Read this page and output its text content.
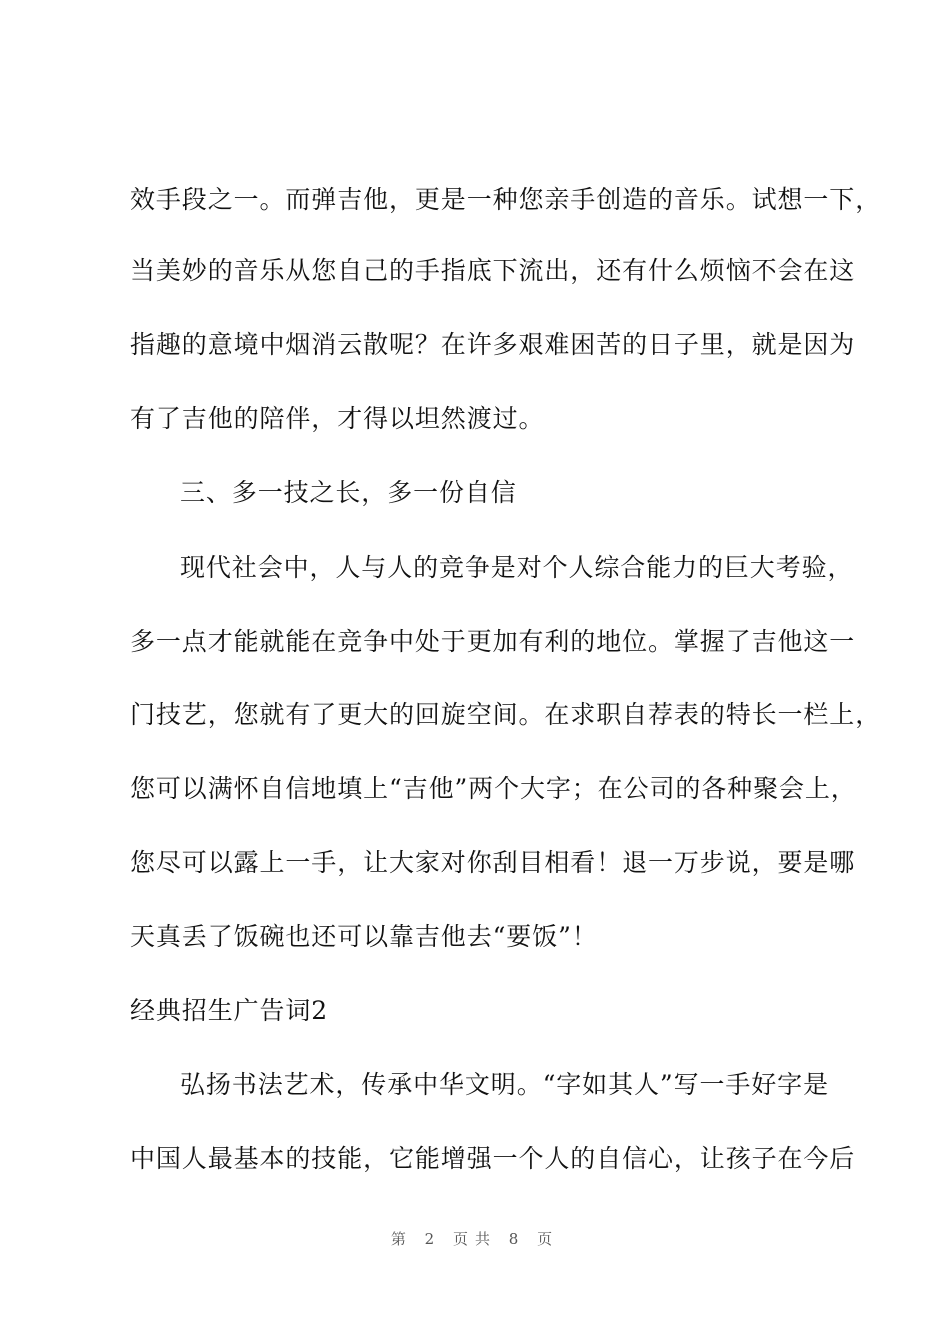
效手段之一。而弹吉他，更是一种您亲手创造的音乐。试想一下，
当美妙的音乐从您自己的手指底下流出，还有什么烦恼不会在这
指趣的意境中烟消云散呢？在许多艰难困苦的日子里，就是因为
有了吉他的陪伴，才得以坦然渡过。
三、多一技之长，多一份自信
现代社会中，人与人的竞争是对个人综合能力的巨大考验，
多一点才能就能在竞争中处于更加有利的地位。掌握了吉他这一
门技艺，您就有了更大的回旋空间。在求职自荐表的特长一栏上，
您可以满怀自信地填上“吉他”两个大字；在公司的各种聚会上，
您尽可以露上一手，让大家对你刮目相看！退一万步说，要是哪
天真丢了饭碗也还可以靠吉他去“要饭”！
经典招生广告词2
弘扬书法艺术，传承中华文明。“字如其人”写一手好字是
中国人最基本的技能，它能增强一个人的自信心，让孩子在今后
第 2 页共 8 页
